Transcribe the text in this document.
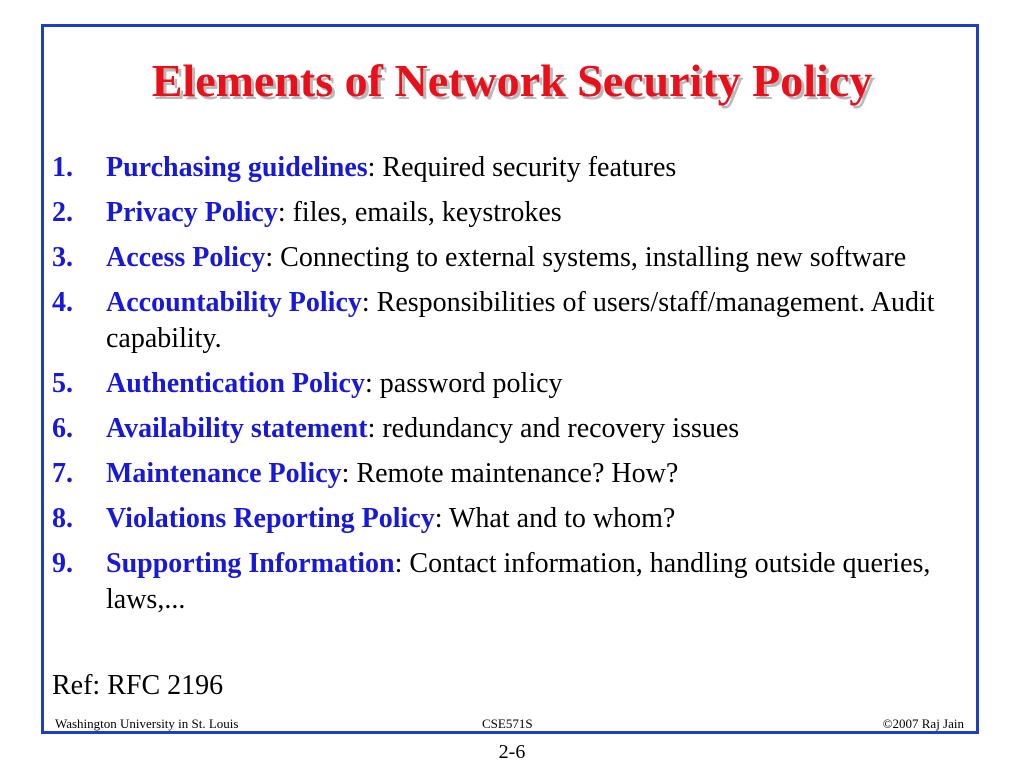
Elements of Network Security Policy
1. Purchasing guidelines: Required security features
2. Privacy Policy: files, emails, keystrokes
3. Access Policy: Connecting to external systems, installing new software
4. Accountability Policy: Responsibilities of users/staff/management. Audit capability.
5. Authentication Policy: password policy
6. Availability statement: redundancy and recovery issues
7. Maintenance Policy: Remote maintenance? How?
8. Violations Reporting Policy: What and to whom?
9. Supporting Information: Contact information, handling outside queries, laws,...
Ref: RFC 2196
Washington University in St. Louis	CSE571S	©2007 Raj Jain
2-6
